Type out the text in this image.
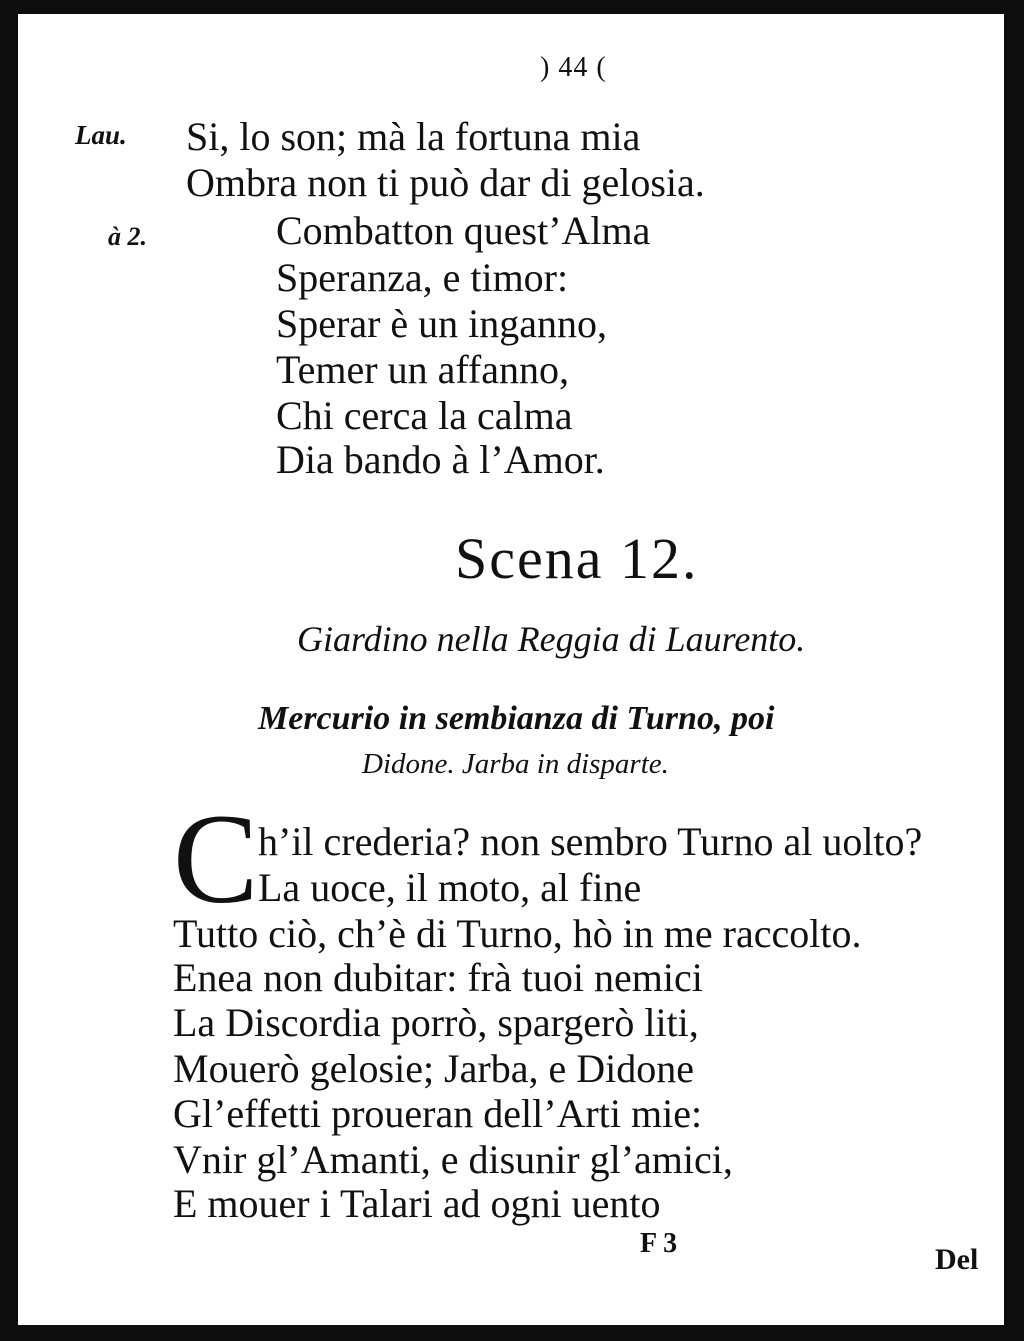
) 44 (
Lau.
à 2.
Si, lo son; mà la fortuna mia
Ombra non ti può dar di gelosia.
Combatton quest’Alma
Speranza, e timor:
Sperar è un inganno,
Temer un affanno,
Chi cerca la calma
Dia bando à l’Amor.
Scena 12.
Giardino nella Reggia di Laurento.
Mercurio in sembianza di Turno, poi
Didone. Jarba in disparte.
C h’il crederia? non sembro Turno al uolto?
La uoce, il moto, al fine
Tutto ciò, ch’è di Turno, hò in me raccolto.
Enea non dubitar: frà tuoi nemici
La Discordia porrò, spargerò liti,
Mouerò gelosie; Jarba, e Didone
Gl’effetti proueran dell’Arti mie:
Vnir gl’Amanti, e disunir gl’amici,
E mouer i Talari ad ogni uento
F 3	Del
